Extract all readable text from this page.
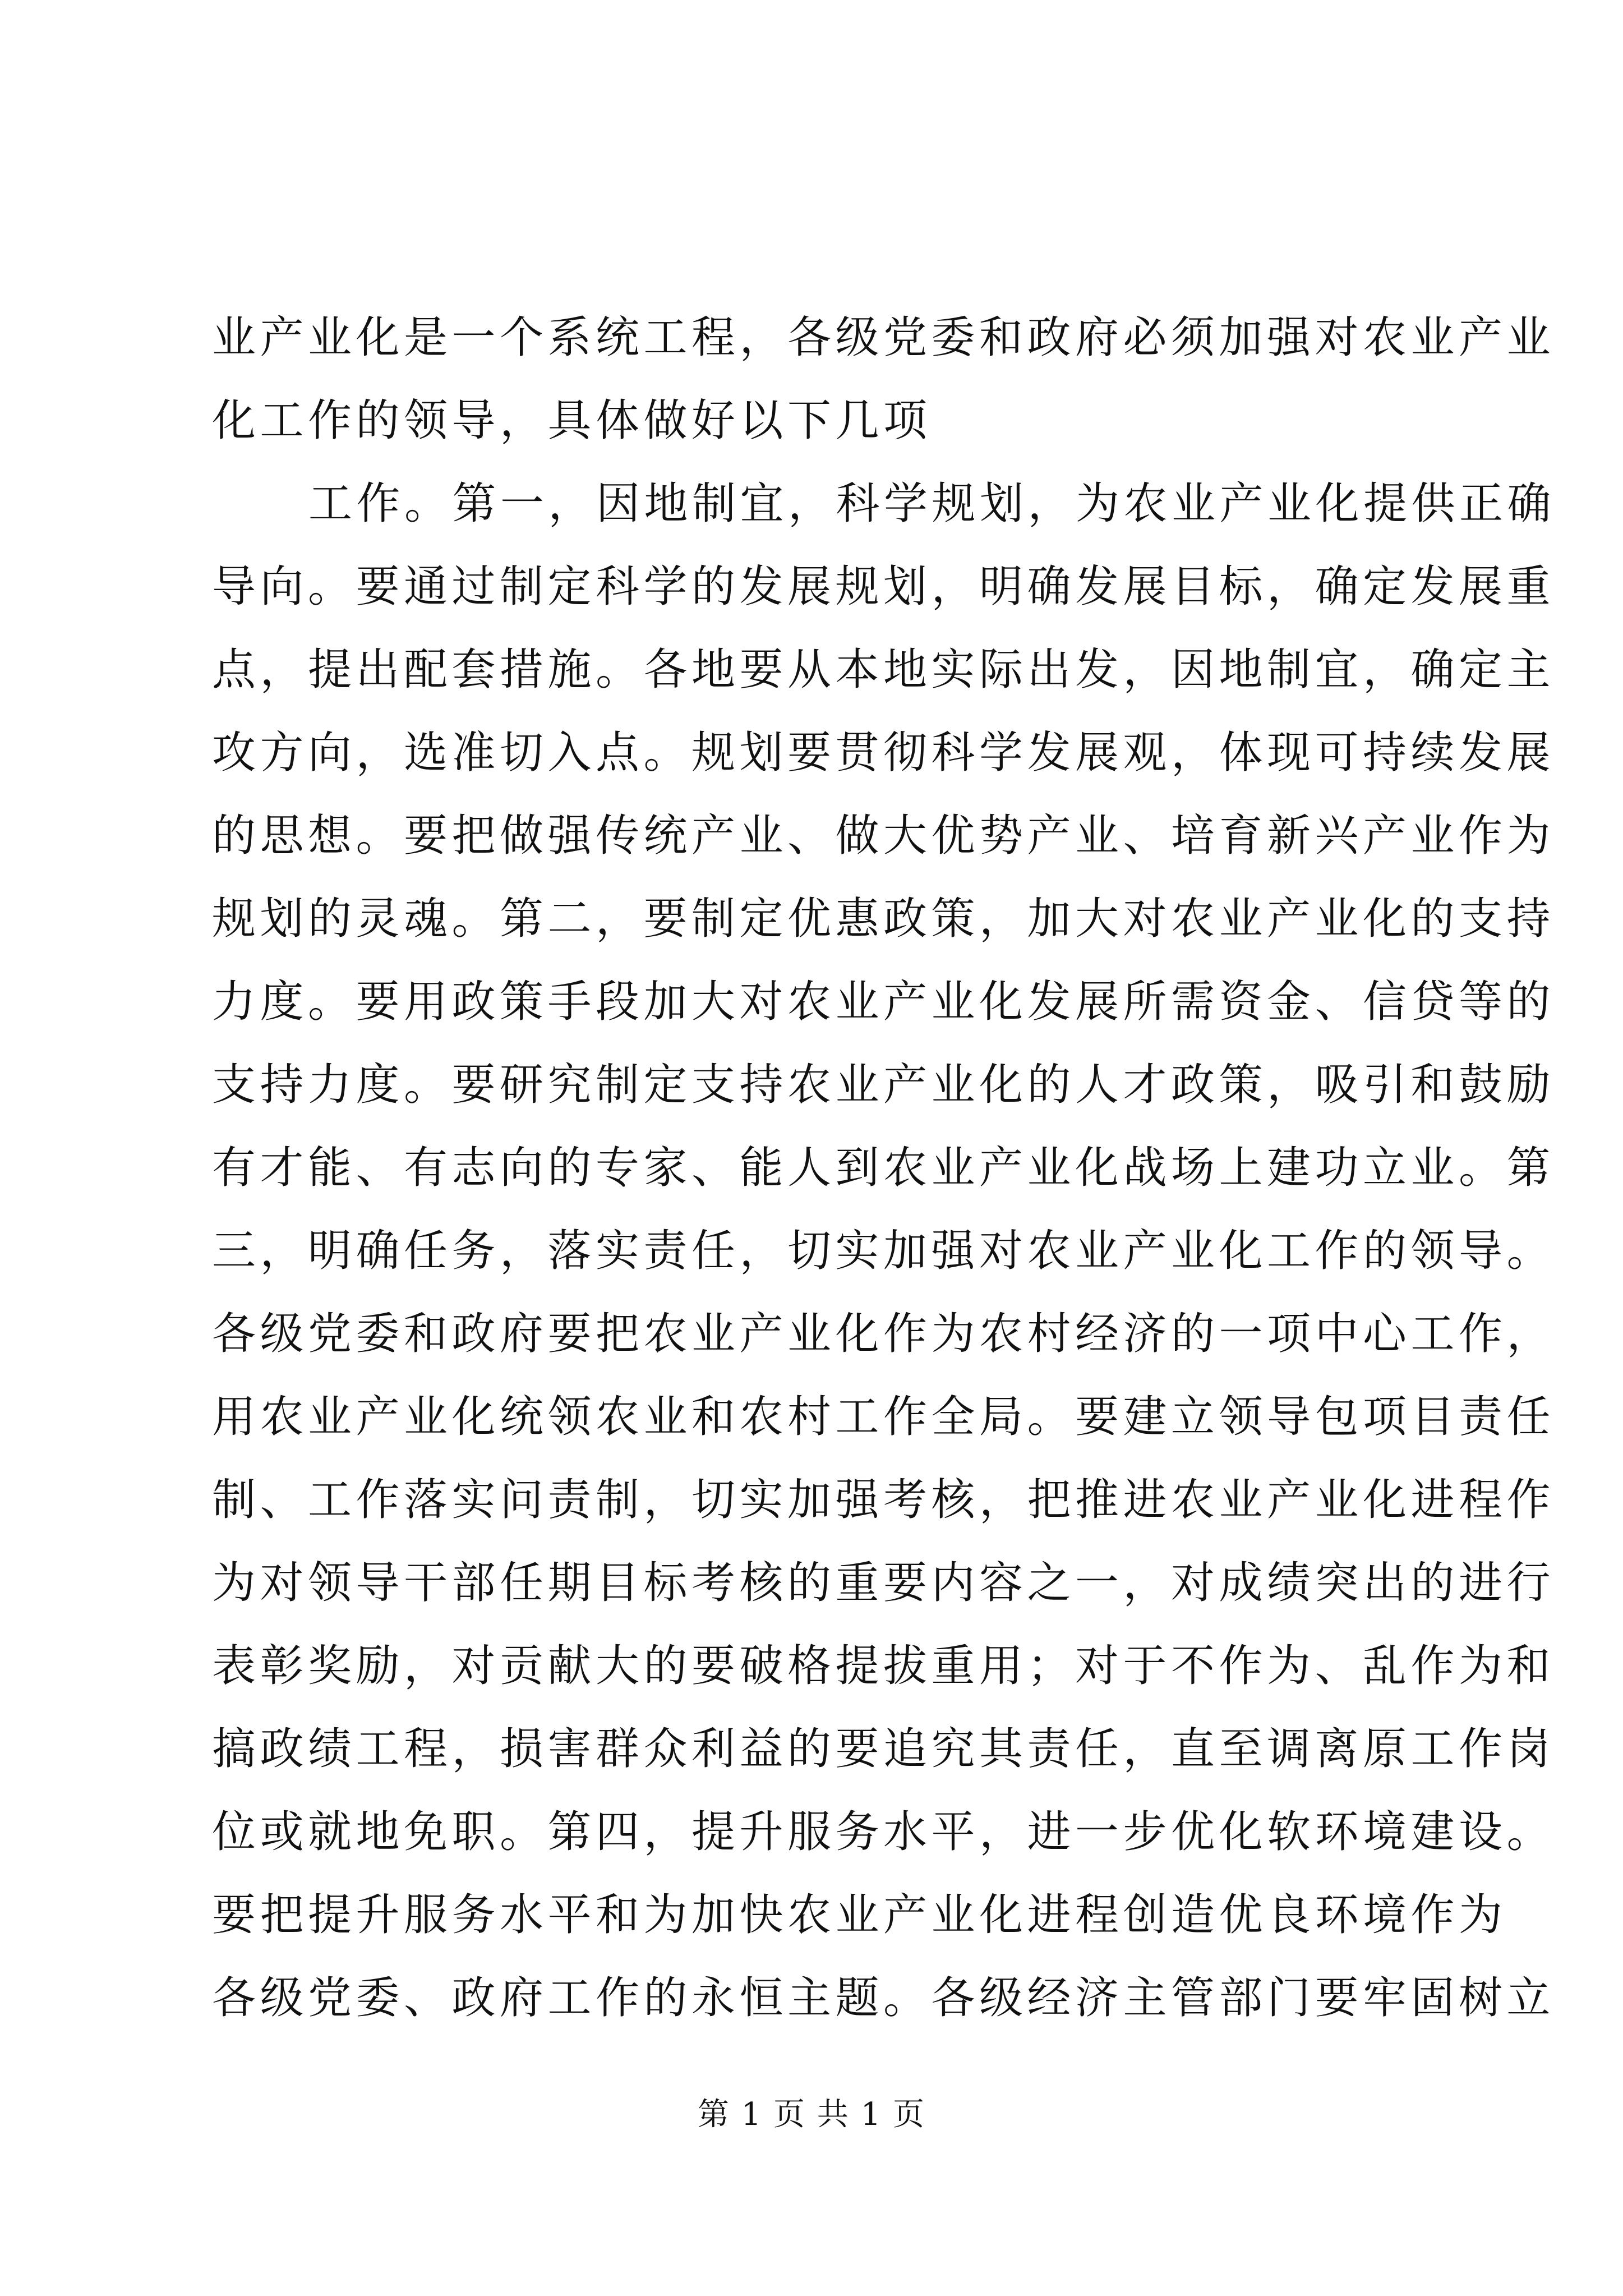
业产业化是一个系统工程，各级党委和政府必须加强对农业产业
化工作的领导，具体做好以下几项
工作。第一，因地制宜，科学规划，为农业产业化提供正确
导向。要通过制定科学的发展规划，明确发展目标，确定发展重
点，提出配套措施。各地要从本地实际出发，因地制宜，确定主
攻方向，选准切入点。规划要贯彻科学发展观，体现可持续发展
的思想。要把做强传统产业、做大优势产业、培育新兴产业作为
规划的灵魂。第二，要制定优惠政策，加大对农业产业化的支持
力度。要用政策手段加大对农业产业化发展所需资金、信贷等的
支持力度。要研究制定支持农业产业化的人才政策，吸引和鼓励
有才能、有志向的专家、能人到农业产业化战场上建功立业。第
三，明确任务，落实责任，切实加强对农业产业化工作的领导。
各级党委和政府要把农业产业化作为农村经济的一项中心工作，
用农业产业化统领农业和农村工作全局。要建立领导包项目责任
制、工作落实问责制，切实加强考核，把推进农业产业化进程作
为对领导干部任期目标考核的重要内容之一，对成绩突出的进行
表彰奖励，对贡献大的要破格提拔重用；对于不作为、乱作为和
搞政绩工程，损害群众利益的要追究其责任，直至调离原工作岗
位或就地免职。第四，提升服务水平，进一步优化软环境建设。
要把提升服务水平和为加快农业产业化进程创造优良环境作为
各级党委、政府工作的永恒主题。各级经济主管部门要牢固树立
第 1 页 共 1 页
